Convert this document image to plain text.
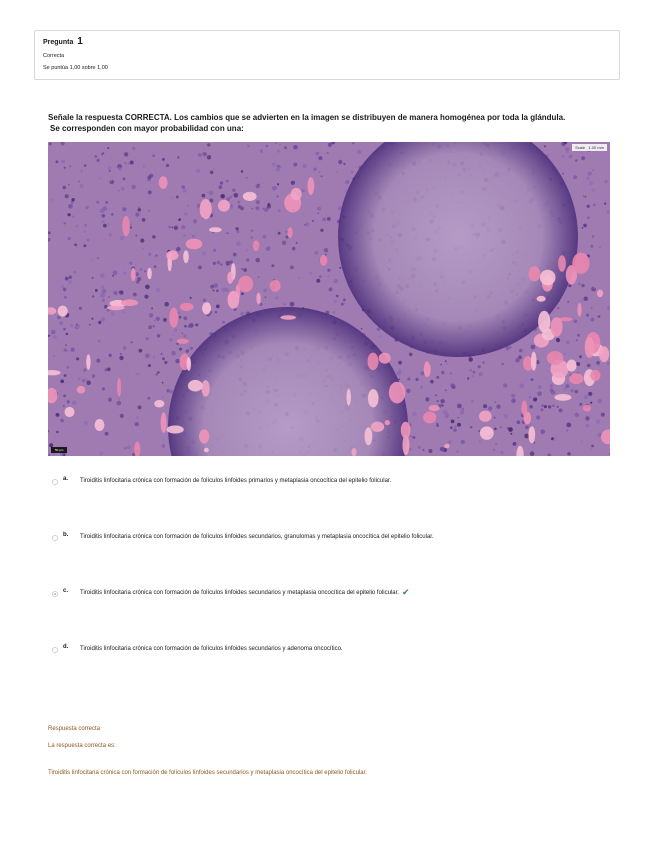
Pregunta 1
Correcta
Se puntúa 1,00 sobre 1,00
Señale la respuesta CORRECTA. Los cambios que se advierten en la imagen se distribuyen de manera homogénea por toda la glándula.
Se corresponden con mayor probabilidad con una:
Scale 1.00 mm
50 µm
a.	Tiroiditis linfocitaria crónica con formación de folículos linfoides primarios y metaplasia oncocítica del epitelio folicular.
b.	Tiroiditis linfocitaria crónica con formación de folículos linfoides secundarios, granulomas y metaplasia oncocítica del epitelio folicular.
c.	Tiroiditis linfocitaria crónica con formación de folículos linfoides secundarios y metaplasia oncocítica del epitelio folicular. ✔
d.	Tiroiditis linfocitaria crónica con formación de folículos linfoides secundarios y adenoma oncocítico.
Respuesta correcta
La respuesta correcta es:
Tiroiditis linfocitaria crónica con formación de folículos linfoides secundarios y metaplasia oncocítica del epitelio folicular.
